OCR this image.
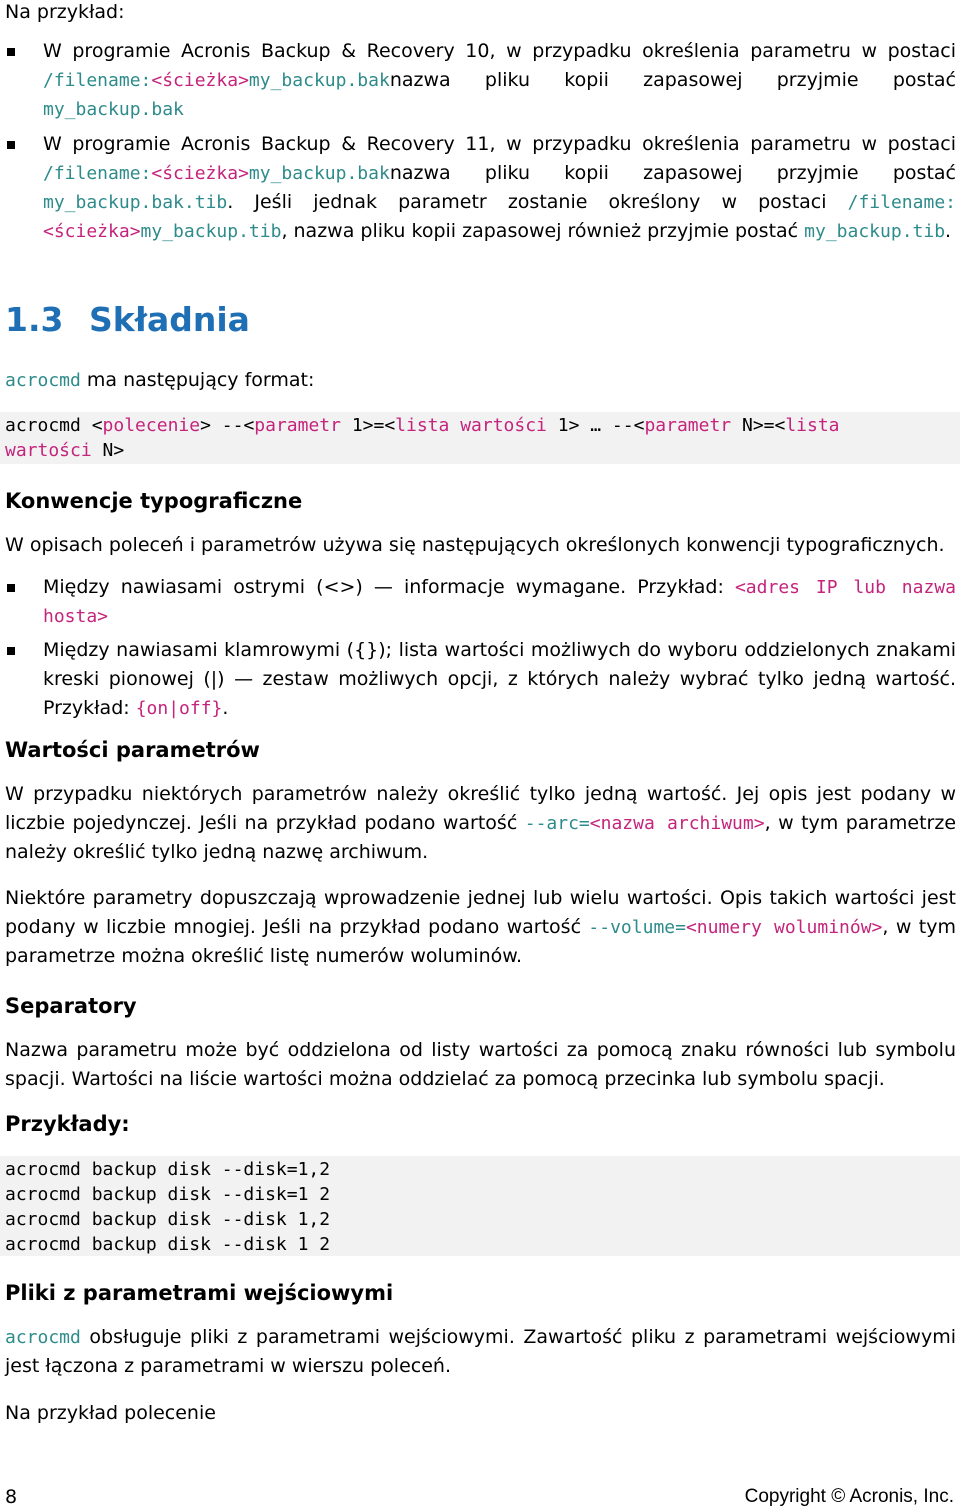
Na przykład:

W programie Acronis Backup & Recovery 10, w przypadku określenia parametru w postaci /filename:<ścieżka>my_backup.baknazwa pliku kopii zapasowej przyjmie postać my_backup.bak
W programie Acronis Backup & Recovery 11, w przypadku określenia parametru w postaci /filename:<ścieżka>my_backup.baknazwa pliku kopii zapasowej przyjmie postać my_backup.bak.tib. Jeśli jednak parametr zostanie określony w postaci /filename:<ścieżka>my_backup.tib, nazwa pliku kopii zapasowej również przyjmie postać my_backup.tib.
1.3 Składnia

acrocmd ma następujący format:

acrocmd <polecenie> --<parametr 1>=<lista wartości 1> … --<parametr N>=<lista
wartości N>
Konwencje typograficzne

W opisach poleceń i parametrów używa się następujących określonych konwencji typograficznych.

Między nawiasami ostrymi (<>) — informacje wymagane. Przykład: <adres IP lub nazwa hosta>
Między nawiasami klamrowymi ({}); lista wartości możliwych do wyboru oddzielonych znakami kreski pionowej (|) — zestaw możliwych opcji, z których należy wybrać tylko jedną wartość. Przykład: {on|off}.
Wartości parametrów

W przypadku niektórych parametrów należy określić tylko jedną wartość. Jej opis jest podany w liczbie pojedynczej. Jeśli na przykład podano wartość --arc=<nazwa archiwum>, w tym parametrze należy określić tylko jedną nazwę archiwum.

Niektóre parametry dopuszczają wprowadzenie jednej lub wielu wartości. Opis takich wartości jest podany w liczbie mnogiej. Jeśli na przykład podano wartość --volume=<numery woluminów>, w tym parametrze można określić listę numerów woluminów.

Separatory

Nazwa parametru może być oddzielona od listy wartości za pomocą znaku równości lub symbolu spacji. Wartości na liście wartości można oddzielać za pomocą przecinka lub symbolu spacji.

Przykłady:
acrocmd backup disk --disk=1,2
acrocmd backup disk --disk=1 2
acrocmd backup disk --disk 1,2
acrocmd backup disk --disk 1 2
Pliki z parametrami wejściowymi

acrocmd obsługuje pliki z parametrami wejściowymi. Zawartość pliku z parametrami wejściowymi jest łączona z parametrami w wierszu poleceń.

Na przykład polecenie

8	Copyright © Acronis, Inc.
